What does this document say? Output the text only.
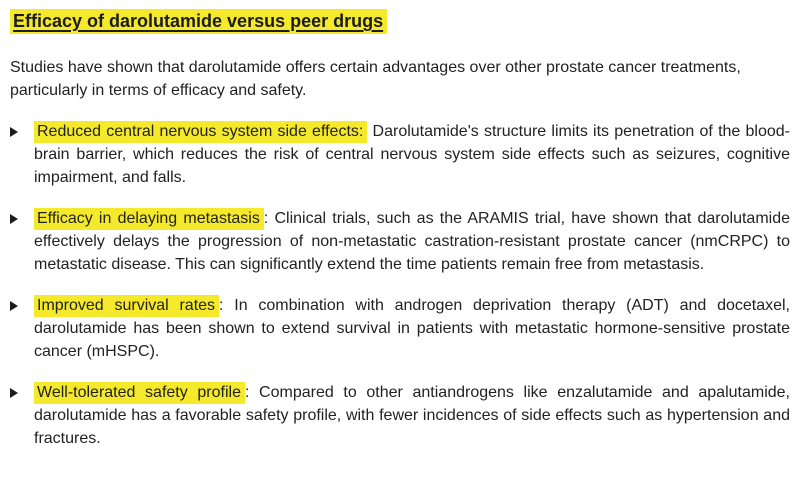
Efficacy of darolutamide versus peer drugs

Studies have shown that darolutamide offers certain advantages over other prostate cancer treatments, particularly in terms of efficacy and safety.

Reduced central nervous system side effects: Darolutamide's structure limits its penetration of the blood-brain barrier, which reduces the risk of central nervous system side effects such as seizures, cognitive impairment, and falls.

Efficacy in delaying metastasis : Clinical trials, such as the ARAMIS trial, have shown that darolutamide effectively delays the progression of non-metastatic castration-resistant prostate cancer (nmCRPC) to metastatic disease. This can significantly extend the time patients remain free from metastasis.

Improved survival rates : In combination with androgen deprivation therapy (ADT) and docetaxel, darolutamide has been shown to extend survival in patients with metastatic hormone-sensitive prostate cancer (mHSPC).

Well-tolerated safety profile : Compared to other antiandrogens like enzalutamide and apalutamide, darolutamide has a favorable safety profile, with fewer incidences of side effects such as hypertension and fractures.
